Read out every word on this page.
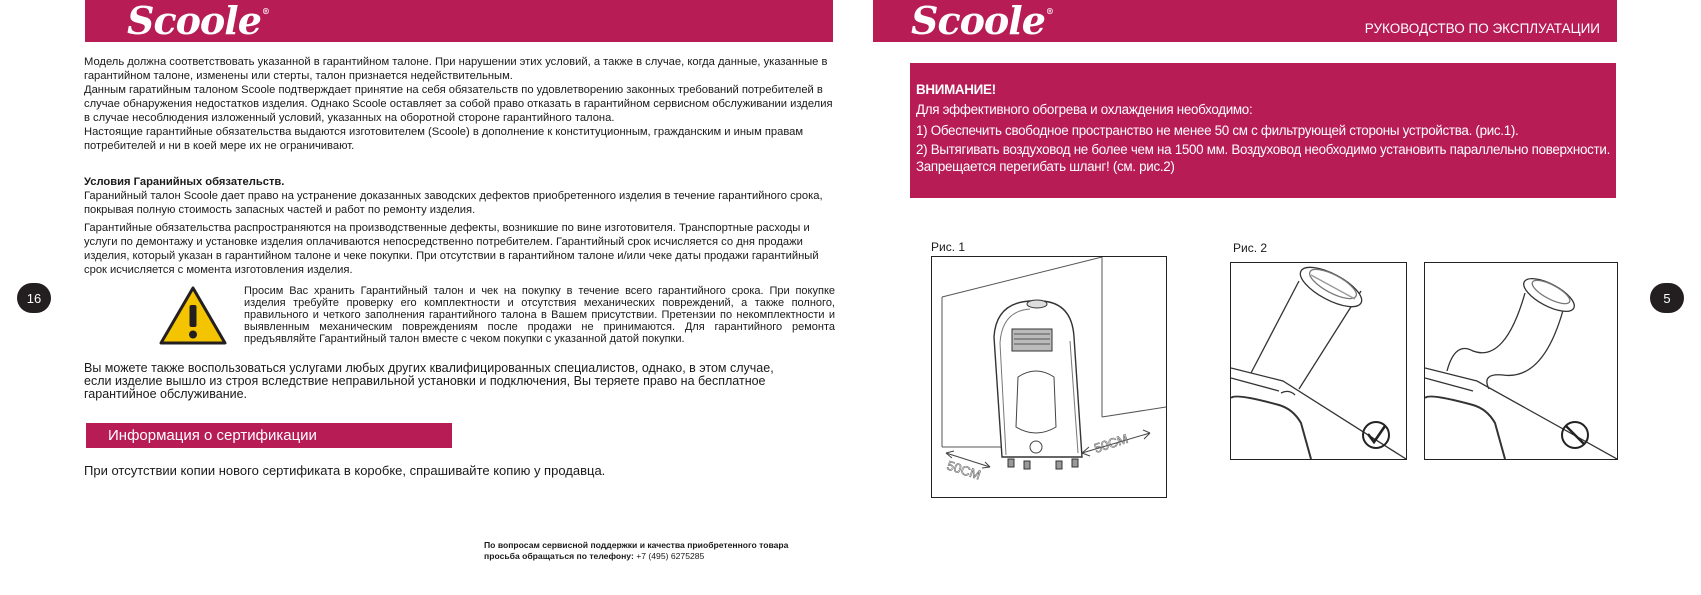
Scoole®

Модель должна соответствовать указанной в гарантийном талоне. При нарушении этих условий, а также в случае, когда данные, указанные в гарантийном талоне, изменены или стерты, талон признается недействительным.

Данным гаратийным талоном Scoole подтверждает принятие на себя обязательств по удовлетворению законных требований потребителей в случае обнаружения недостатков изделия. Однако Scoole оставляет за собой право отказать в гарантийном сервисном обслуживании изделия в случае несоблюдения изложенный условий, указанных на оборотной стороне гарантийного талона.

Настоящие гарантийные обязательства выдаются изготовителем (Scoole) в дополнение к конституционным, гражданским и иным правам потребителей и ни в коей мере их не ограничивают.

Условия Гаранийных обязательств.

Гаранийный талон Scoole дает право на устранение доказанных заводских дефектов приобретенного изделия в течение гарантийного срока, покрывая полную стоимость запасных частей и работ по ремонту изделия.

Гарантийные обязательства распространяются на производственные дефекты, возникшие по вине изготовителя. Транспортные расходы и услуги по демонтажу и установке изделия оплачиваются непосредственно потребителем. Гарантийный срок исчисляется со дня продажи изделия, который указан в гарантийном талоне и чеке покупки. При отсутствии в гарантийном талоне и/или чеке даты продажи гарантийный срок исчисляется с момента изготовления изделия.

Просим Вас хранить Гарантийный талон и чек на покупку в течение всего гарантийного срока. При покупке изделия требуйте проверку его комплектности и отсутствия механических повреждений, а также полного, правильного и четкого заполнения гарантийного талона в Вашем присутствии. Претензии по некомплектности и выявленным механическим повреждениям после продажи не принимаются. Для гарантийного ремонта предъявляйте Гарантийный талон вместе с чеком покупки с указанной датой покупки.
Вы можете также воспользоваться услугами любых других квалифицированных специалистов, однако, в этом случае, если изделие вышло из строя вследствие неправильной установки и подключения, Вы теряете право на бесплатное гарантийное обслуживание.
Информация о сертификации
При отсутствии копии нового сертификата в коробке, спрашивайте копию у продавца.
По вопросам сервисной поддержки и качества приобретенного товара
просьба обращаться по телефону: +7 (495) 6275285
16
Scoole®
РУКОВОДСТВО ПО ЭКСПЛУАТАЦИИ

ВНИМАНИЕ!

Для эффективного обогрева и охлаждения необходимо:

1) Обеспечить свободное пространство не менее 50 см с фильтрующей стороны устройства. (рис.1).

2) Вытягивать воздуховод не более чем на 1500 мм. Воздуховод необходимо установить параллельно поверхности. Запрещается перегибать шланг! (см. рис.2)

Рис. 1	Рис. 2
50CM
50CM
5
